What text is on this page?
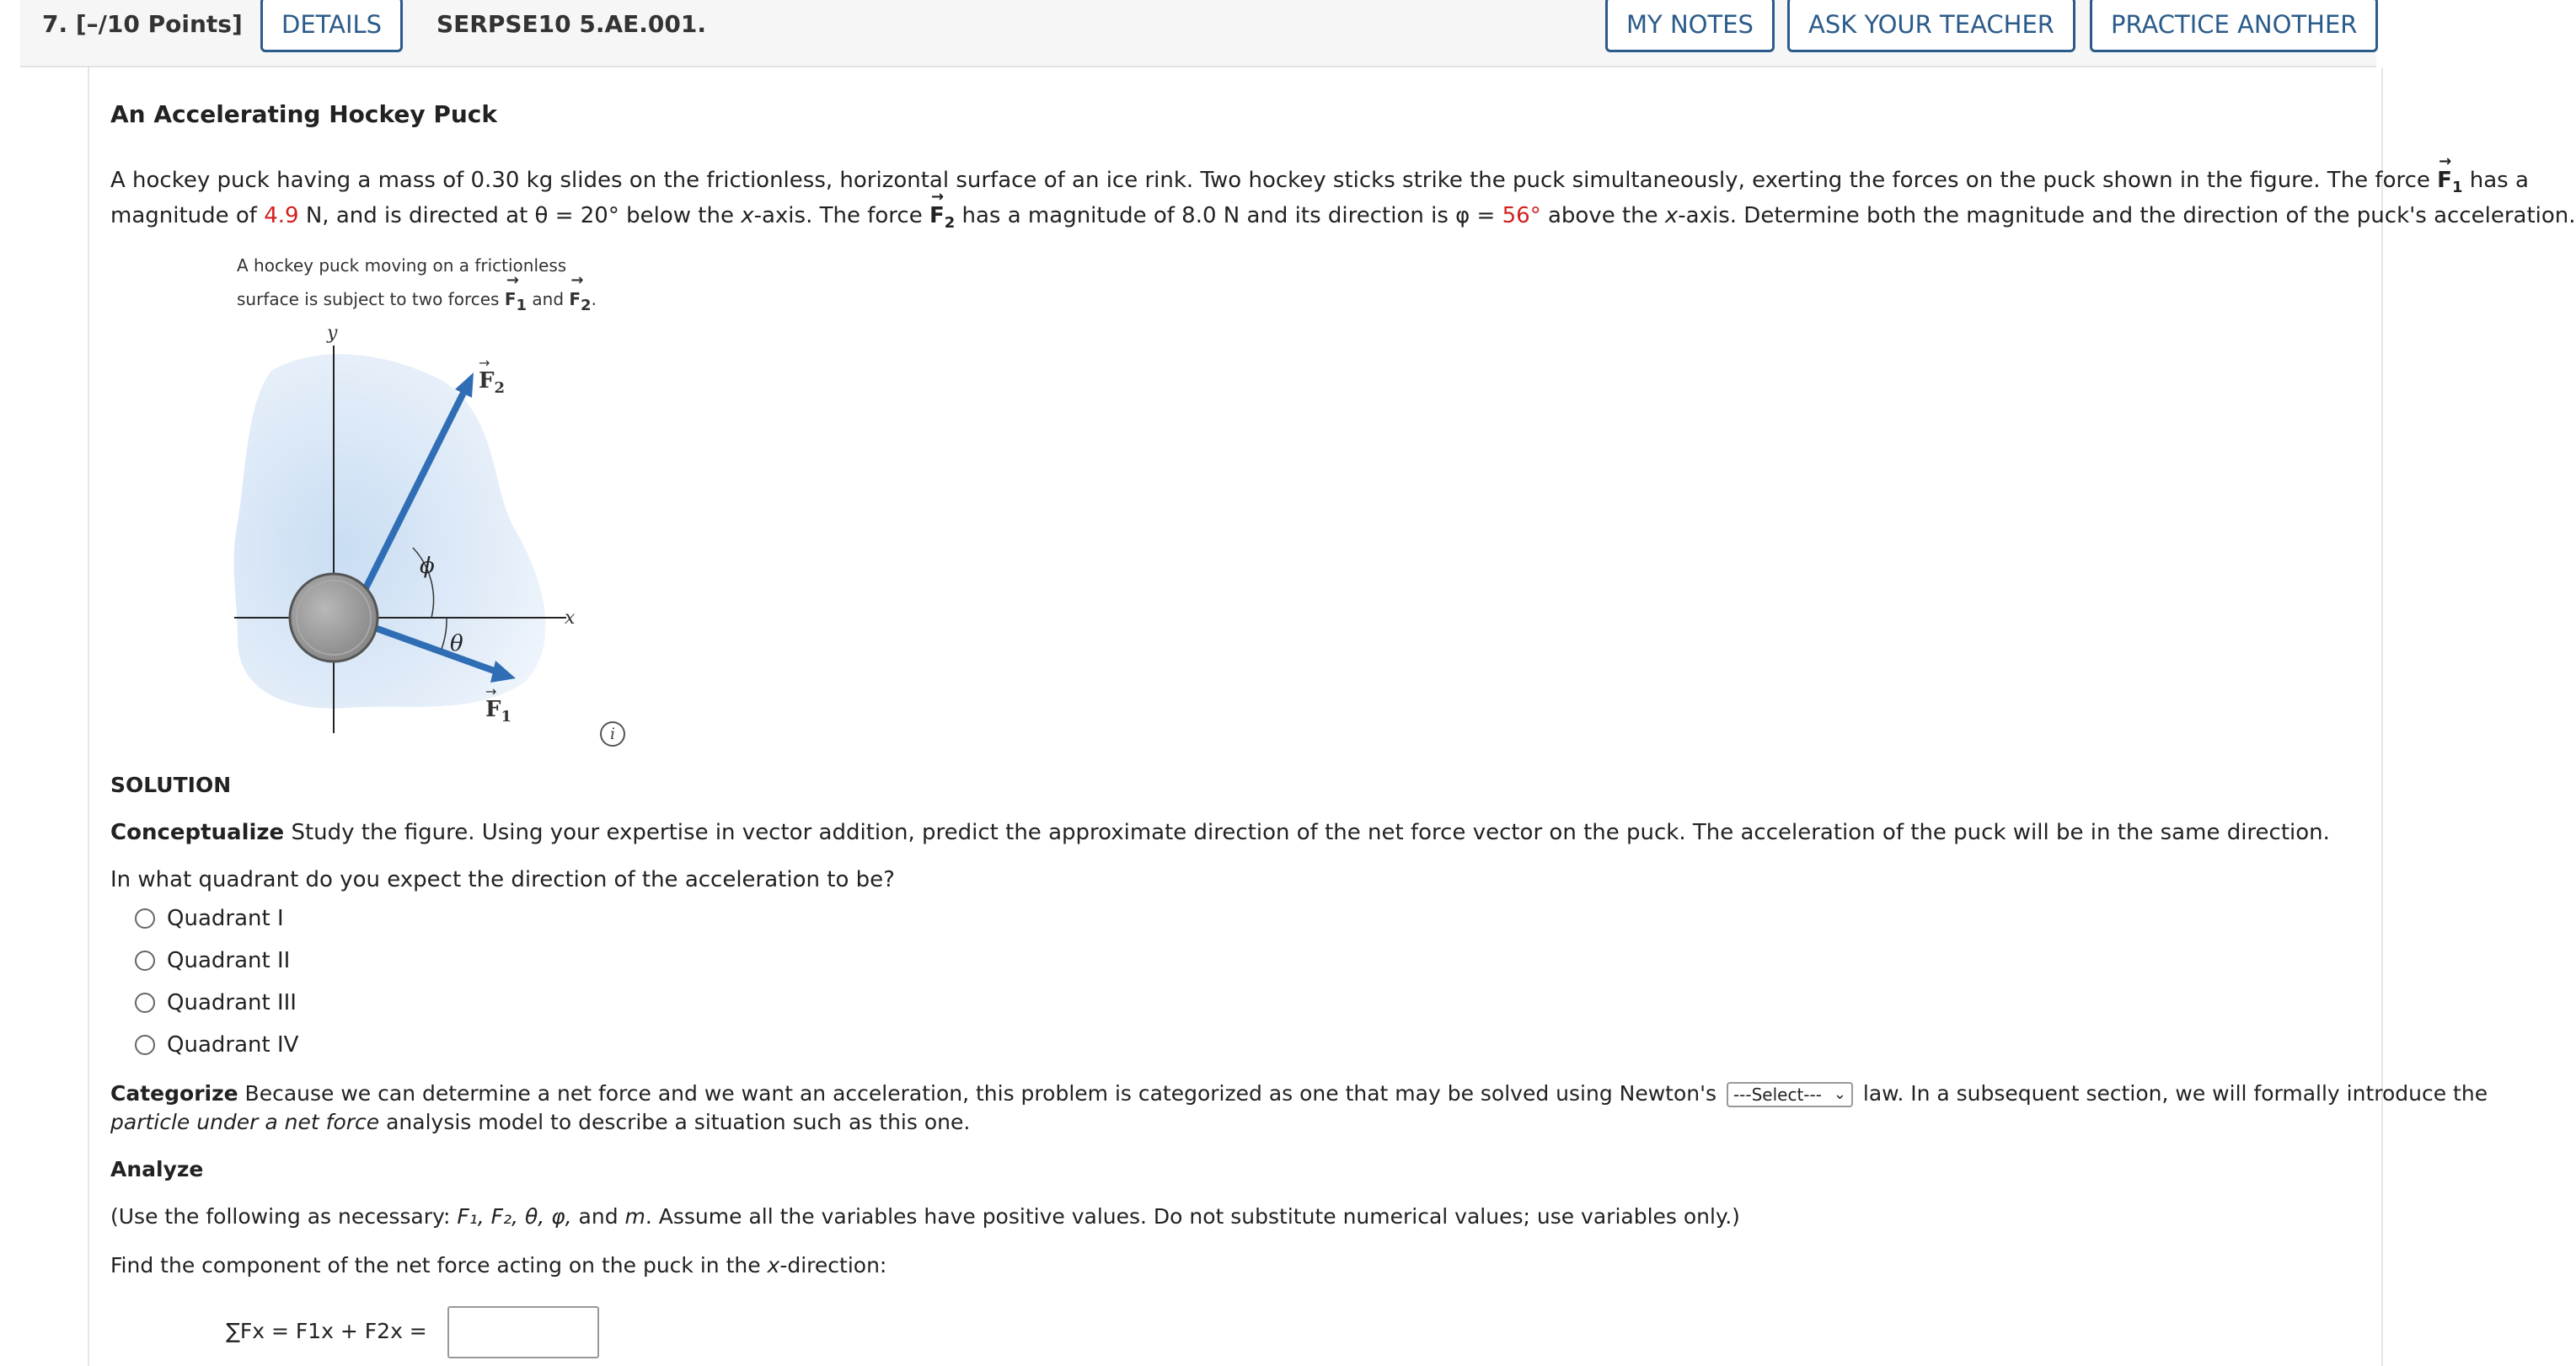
7. [–/10 Points]	DETAILS	SERPSE10 5.AE.001.	MY NOTES	ASK YOUR TEACHER	PRACTICE ANOTHER
An Accelerating Hockey Puck
A hockey puck having a mass of 0.30 kg slides on the frictionless, horizontal surface of an ice rink. Two hockey sticks strike the puck simultaneously, exerting the forces on the puck shown in the figure. The force → $F_1$ has a
magnitude of 4.9 N, and is directed at θ = 20° below the x-axis. The force → $F_2$ has a magnitude of 8.0 N and its direction is φ = 56° above the x-axis. Determine both the magnitude and the direction of the puck's acceleration.
A hockey puck moving on a frictionless
surface is subject to two forces → $F_1$ and → $F_2$.
y
x
$F_2$
→
$F_1$
→
ϕ
θ
i
SOLUTION
Conceptualize Study the figure. Using your expertise in vector addition, predict the approximate direction of the net force vector on the puck. The acceleration of the puck will be in the same direction.
In what quadrant do you expect the direction of the acceleration to be?
Quadrant I
Quadrant II
Quadrant III
Quadrant IV
Categorize Because we can determine a net force and we want an acceleration, this problem is categorized as one that may be solved using Newton's ---Select--- ⌄ law. In a subsequent section, we will formally introduce the
particle under a net force analysis model to describe a situation such as this one.
Analyze
(Use the following as necessary: F₁, F₂, θ, φ, and m. Assume all the variables have positive values. Do not substitute numerical values; use variables only.)
Find the component of the net force acting on the puck in the x-direction:
∑Fx = F1x + F2x =
